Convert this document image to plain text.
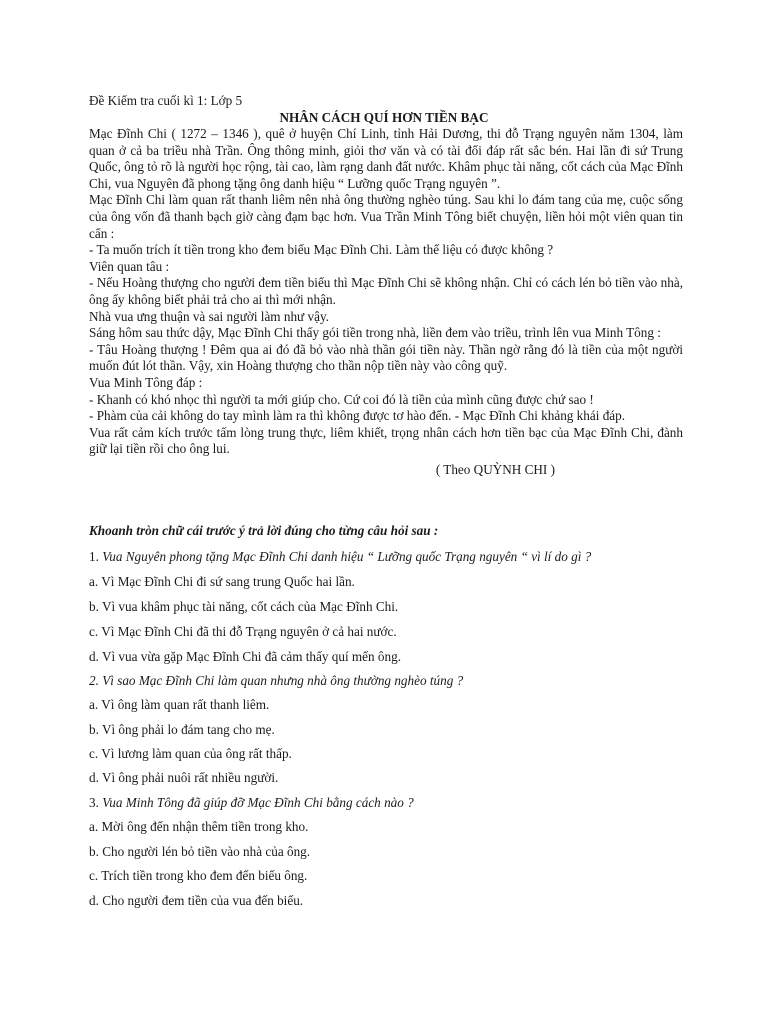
Đề Kiểm tra cuối kì 1: Lớp 5
NHÂN CÁCH QUÍ HƠN TIỀN BẠC

Mạc Đĩnh Chi ( 1272 – 1346 ), quê ở huyện Chí Linh, tỉnh Hải Dương, thi đỗ Trạng nguyên năm 1304, làm quan ở cả ba triều nhà Trần. Ông thông minh, giỏi thơ văn và có tài đối đáp rất sắc bén. Hai lần đi sứ Trung Quốc, ông tỏ rõ là người học rộng, tài cao, làm rạng danh đất nước. Khâm phục tài năng, cốt cách của Mạc Đĩnh Chi, vua Nguyên đã phong tặng ông danh hiệu “ Lưỡng quốc Trạng nguyên ”.

Mạc Đĩnh Chi làm quan rất thanh liêm nên nhà ông thường nghèo túng. Sau khi lo đám tang của mẹ, cuộc sống của ông vốn đã thanh bạch giờ càng đạm bạc hơn. Vua Trần Minh Tông biết chuyện, liền hỏi một viên quan tin cẩn :

- Ta muốn trích ít tiền trong kho đem biếu Mạc Đĩnh Chi. Làm thế liệu có được không ?

Viên quan tâu :

- Nếu Hoàng thượng cho người đem tiền biếu thì Mạc Đĩnh Chi sẽ không nhận. Chỉ có cách lén bỏ tiền vào nhà, ông ấy không biết phải trả cho ai thì mới nhận.

Nhà vua ưng thuận và sai người làm như vậy.

Sáng hôm sau thức dậy, Mạc Đĩnh Chi thấy gói tiền trong nhà, liền đem vào triều, trình lên vua Minh Tông :

- Tâu Hoàng thượng ! Đêm qua ai đó đã bỏ vào nhà thần gói tiền này. Thần ngờ rằng đó là tiền của một người muốn đút lót thần. Vậy, xin Hoàng thượng cho thần nộp tiền này vào công quỹ.

Vua Minh Tông đáp :

- Khanh có khó nhọc thì người ta mới giúp cho. Cứ coi đó là tiền của mình cũng được chứ sao !

- Phàm của cải không do tay mình làm ra thì không được tơ hào đến. - Mạc Đĩnh Chi khảng khái đáp.

Vua rất cảm kích trước tấm lòng trung thực, liêm khiết, trọng nhân cách hơn tiền bạc của Mạc Đĩnh Chi, đành giữ lại tiền rồi cho ông lui.

( Theo QUỲNH CHI )

Khoanh tròn chữ cái trước ý trả lời đúng cho từng câu hỏi sau :
1. Vua Nguyên phong tặng Mạc Đĩnh Chi danh hiệu “ Lưỡng quốc Trạng nguyên “ vì lí do gì ?
a. Vì Mạc Đĩnh Chi đi sứ sang trung Quốc hai lần.
b. Vì vua khâm phục tài năng, cốt cách của Mạc Đĩnh Chi.
c. Vì Mạc Đĩnh Chi đã thi đỗ Trạng nguyên ở cả hai nước.
d. Vì vua vừa gặp Mạc Đĩnh Chi đã cảm thấy quí mến ông.
2. Vì sao Mạc Đĩnh Chi làm quan nhưng nhà ông thường nghèo túng ?
a. Vì ông làm quan rất thanh liêm.
b. Vì ông phải lo đám tang cho mẹ.
c. Vì lương làm quan của ông rất thấp.
d. Vì ông phải nuôi rất nhiều người.
3. Vua Minh Tông đã giúp đỡ Mạc Đĩnh Chi bằng cách nào ?
a. Mời ông đến nhận thêm tiền trong kho.
b. Cho người lén bỏ tiền vào nhà của ông.
c. Trích tiền trong kho đem đến biếu ông.
d. Cho người đem tiền của vua đến biếu.
